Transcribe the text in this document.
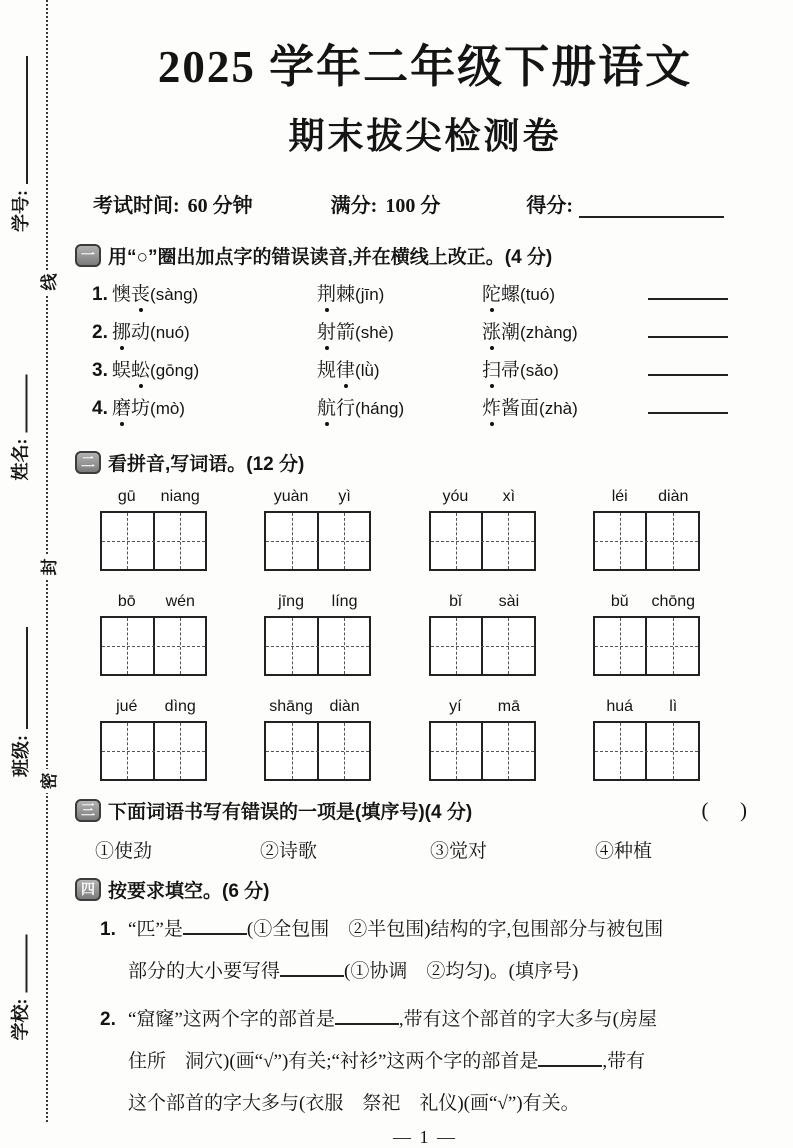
学号:
姓名:
班级:
学校:
线
封
密
2025 学年二年级下册语文
期末拔尖检测卷
考试时间: 60 分钟	满分: 100 分	得分:
一 用“○”圈出加点字的错误读音,并在横线上改正。(4 分)
1. 懊丧(sàng)	荆棘(jīn)	陀螺(tuó)
2. 挪动(nuó)	射箭(shè)	涨潮(zhàng)
3. 蜈蚣(gōng)	规律(lǜ)	扫帚(sǎo)
4. 磨坊(mò)	航行(háng)	炸酱面(zhà)
二 看拼音,写词语。(12 分)
gū	niang	yuàn	yì	yóu	xì	léi	diàn
bō	wén	jīng	líng	bǐ	sài	bǔ	chōng
jué	dìng	shāng	diàn	yí	mā	huá	lì
三 下面词语书写有错误的一项是(填序号)(4 分)	(      )
①使劲	②诗歌	③觉对	④种植
四 按要求填空。(6 分)
1. “匹”是	(①全包围　②半包围)结构的字,包围部分与被包围
部分的大小要写得	(①协调　②均匀)。(填序号)
2. “窟窿”这两个字的部首是	,带有这个部首的字大多与(房屋
住所　洞穴)(画“√”)有关;“衬衫”这两个字的部首是	,带有
这个部首的字大多与(衣服　祭祀　礼仪)(画“√”)有关。
— 1 —
